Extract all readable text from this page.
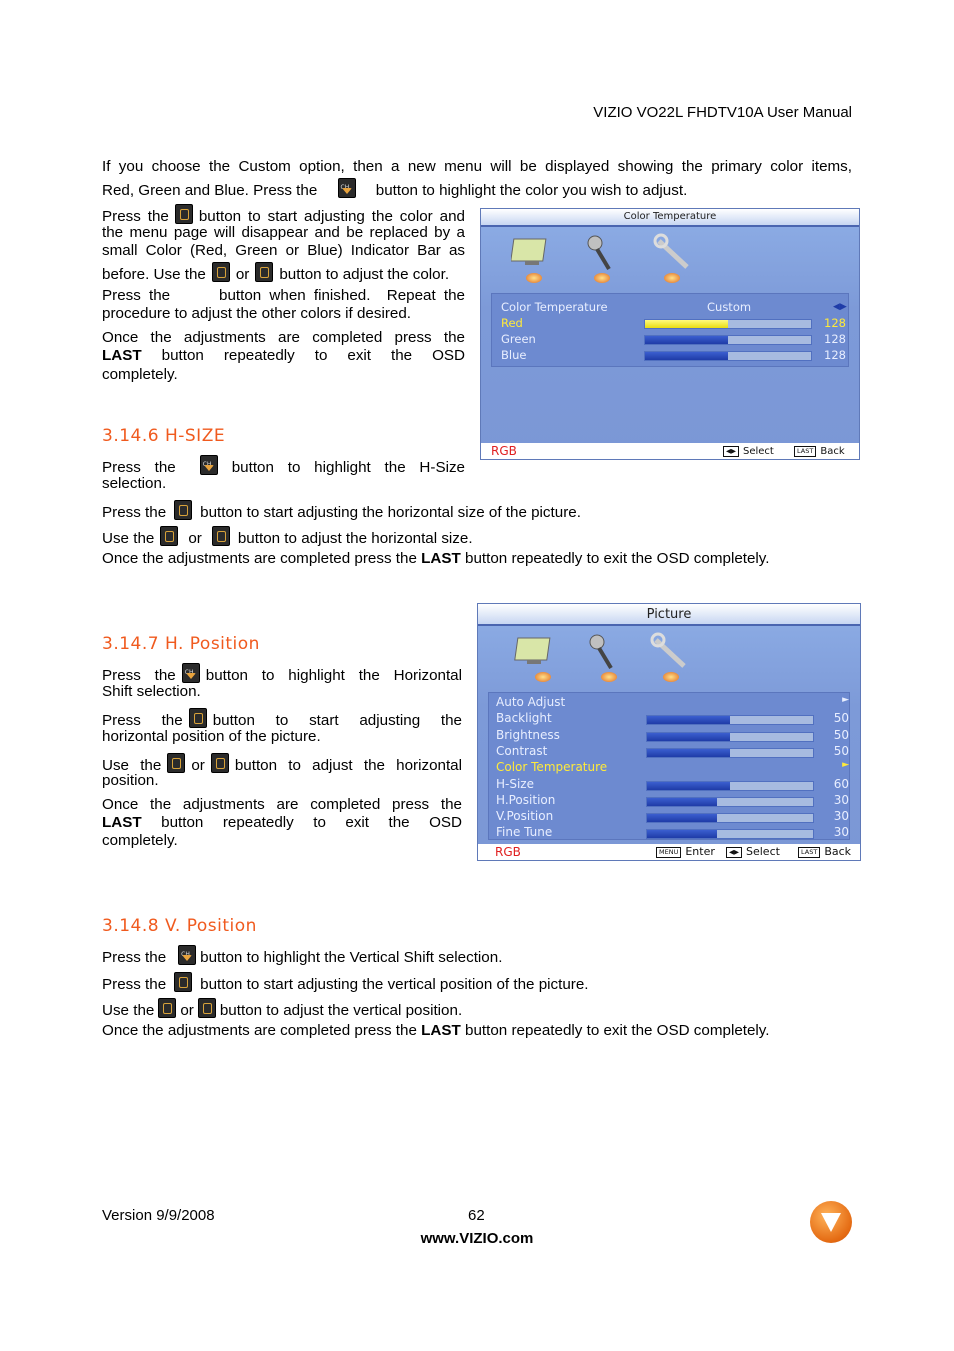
VIZIO VO22L FHDTV10A User Manual

If you choose the Custom option, then a new menu will be displayed showing the primary color items,

Red, Green and Blue. Press the CH	button to highlight the color you wish to adjust.

Press the button to start adjusting the color and

the menu page will disappear and be replaced by a

small Color (Red, Green or Blue) Indicator Bar as

before. Use the or button to adjust the color.

Press the      button when finished.  Repeat the

procedure to adjust the other colors if desired.

Once the adjustments are completed press the

LAST button repeatedly to exit the OSD

completely.

Color Temperature
Color Temperature	Custom	◀▶
Red	128
Green	128
Blue	128
RGB	◀▶ Select	LAST Back
3.14.6 H-SIZE

Press the CH	button to highlight the H-Size

selection.

Press the button to start adjusting the horizontal size of the picture.

Use the or button to adjust the horizontal size.

Once the adjustments are completed press the LAST button repeatedly to exit the OSD completely.

Picture
Auto Adjust	►
Backlight	50
Brightness	50
Contrast	50
Color Temperature	►
H-Size	60
H.Position	30
V.Position	30
Fine Tune	30
RGB	MENU Enter	◀▶ Select	LAST Back
3.14.7 H. Position

Press the CH button to highlight the Horizontal

Shift selection.

Press the button to start adjusting the

horizontal position of the picture.

Use the or button to adjust the horizontal

position.

Once the adjustments are completed press the

LAST button repeatedly to exit the OSD

completely.

3.14.8 V. Position

Press the CH button to highlight the Vertical Shift selection.

Press the button to start adjusting the vertical position of the picture.

Use the or button to adjust the vertical position.

Once the adjustments are completed press the LAST button repeatedly to exit the OSD completely.

Version 9/9/2008	62
www.VIZIO.com
